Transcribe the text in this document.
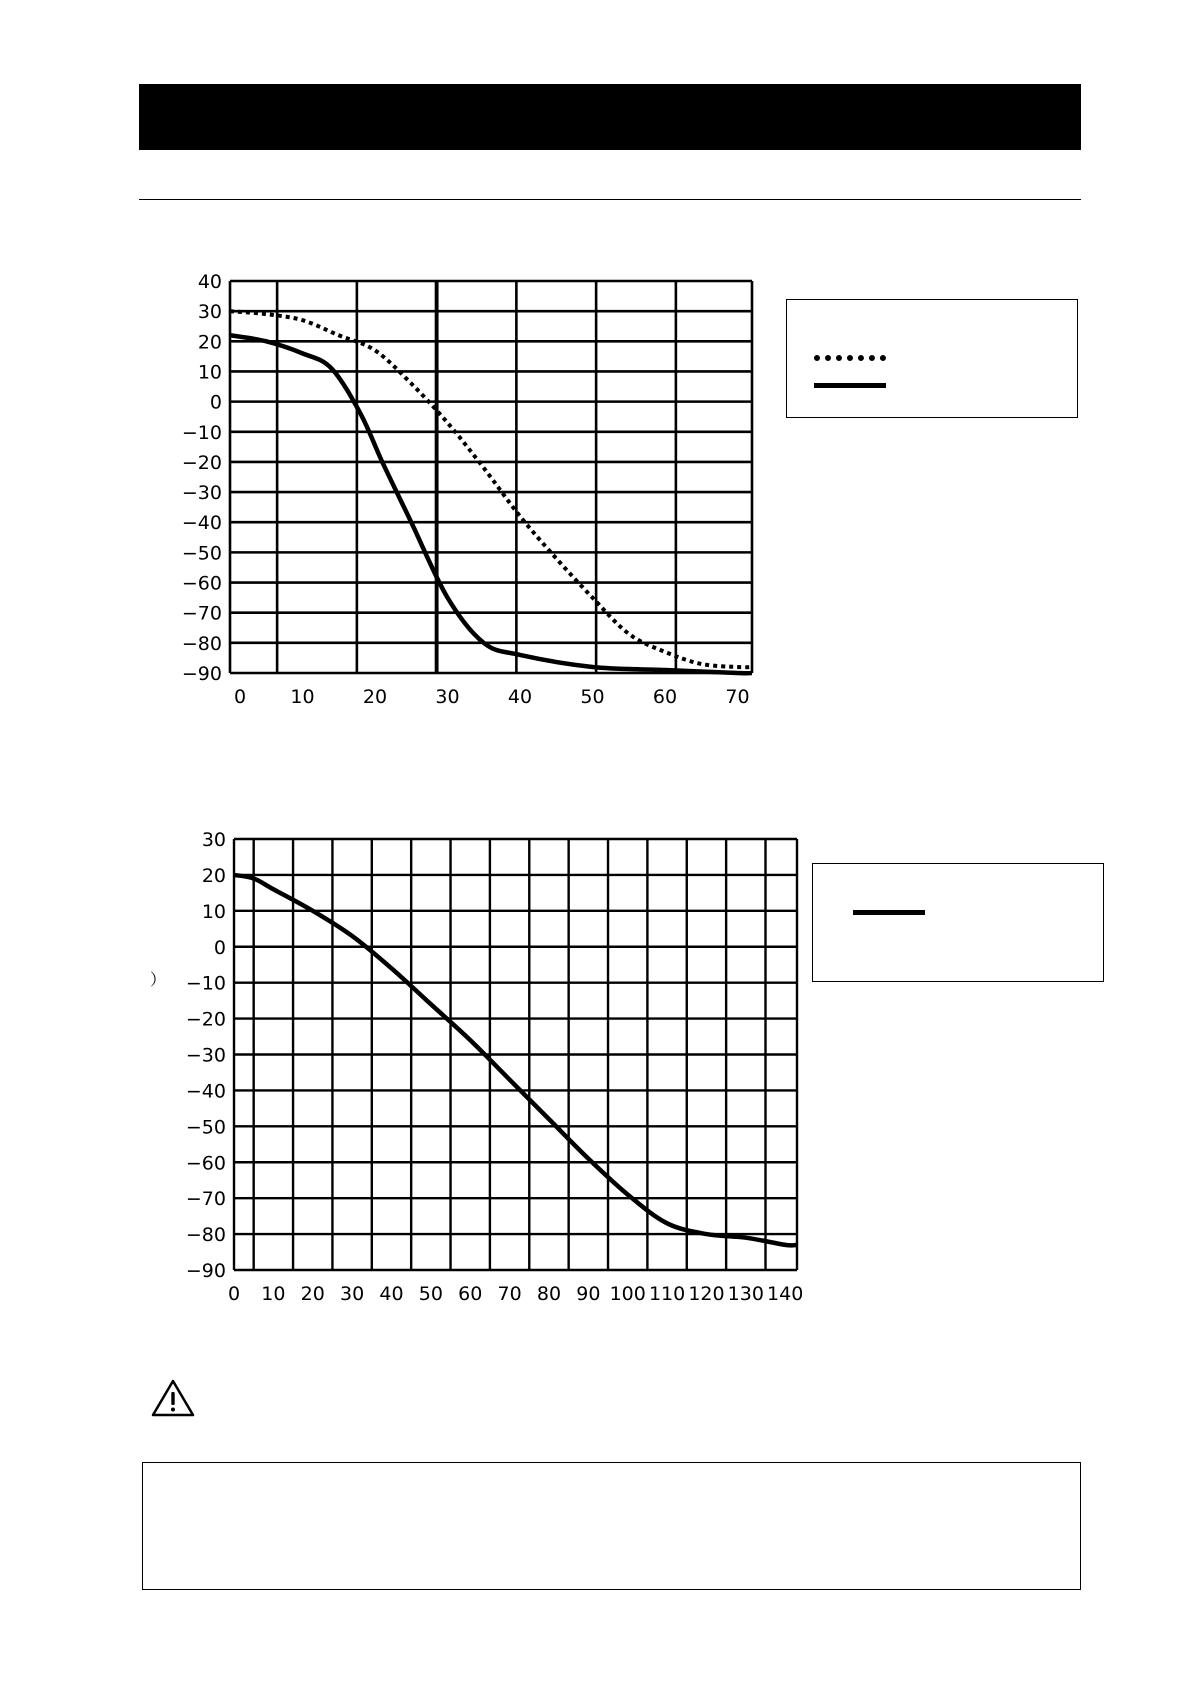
40
30
20
10
0
−10
−20
−30
−40
−50
−60
−70
−80
−90
0 10	20	30	40	50	60	70
）
30
20
10
0
−10
−20
−30
−40
−50
−60
−70
−80
−90
0 10 20 30 40 50 60 70 80 90 100 110 120 130 140
